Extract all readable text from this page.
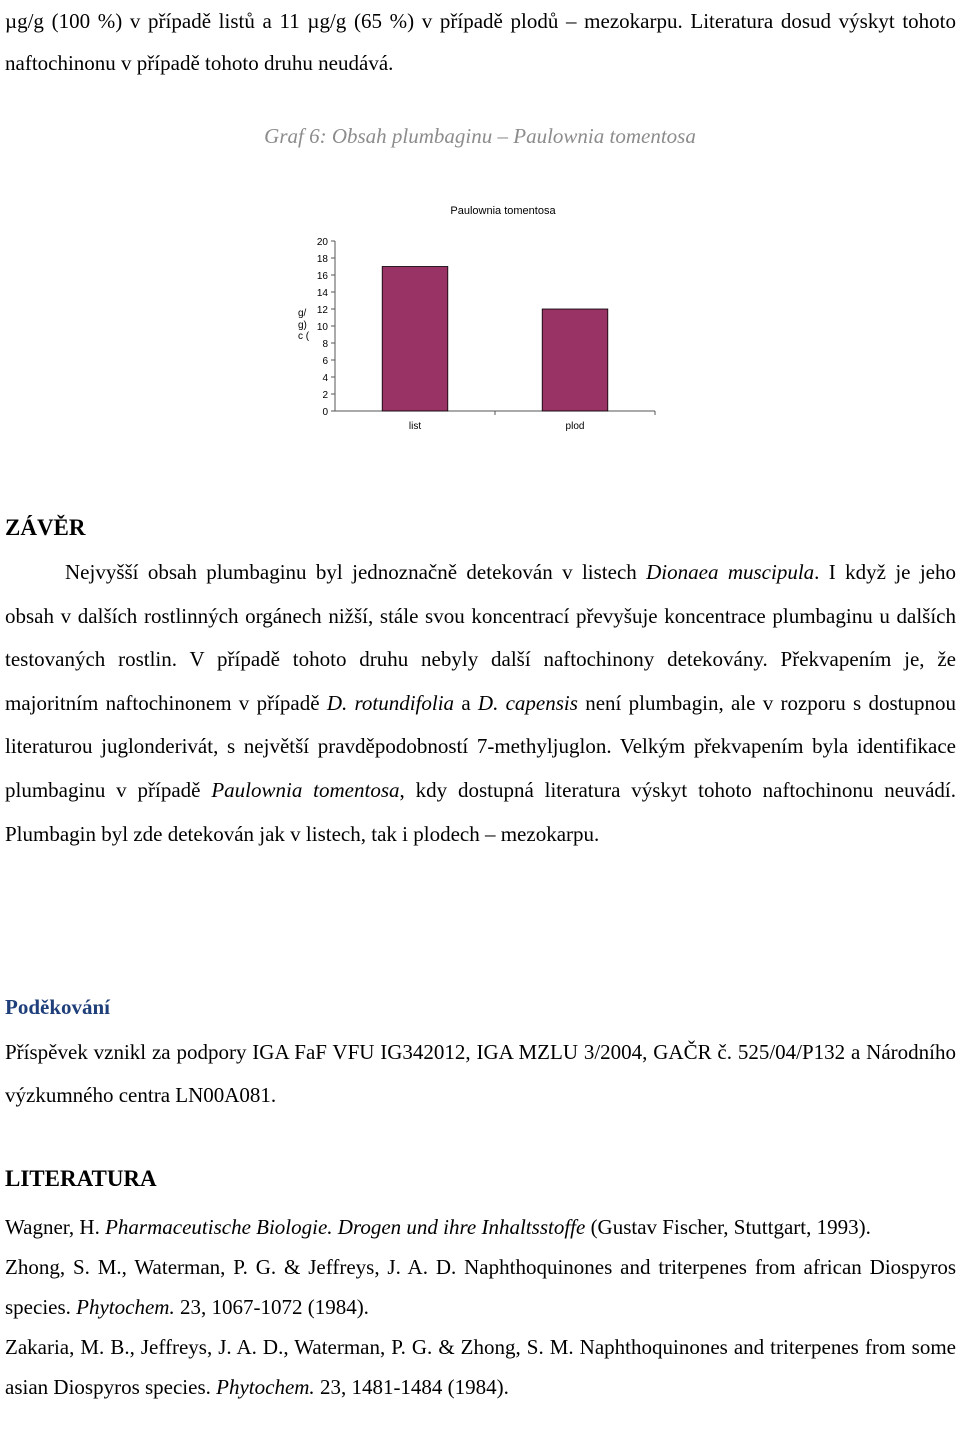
µg/g (100 %) v případě listů a 11 µg/g (65 %) v případě plodů – mezokarpu. Literatura dosud výskyt tohoto naftochinonu v případě tohoto druhu neudává.

Graf 6: Obsah plumbaginu – Paulownia tomentosa
Paulownia tomentosa
0
2
4
6
8
10
12
14
16
18
20
g/
g)
c (
list	plod
ZÁVĚR

Nejvyšší obsah plumbaginu byl jednoznačně detekován v listech Dionaea muscipula. I když je jeho obsah v dalších rostlinných orgánech nižší, stále svou koncentrací převyšuje koncentrace plumbaginu u dalších testovaných rostlin. V případě tohoto druhu nebyly další naftochinony detekovány. Překvapením je, že majoritním naftochinonem v případě D. rotundifolia a D. capensis není plumbagin, ale v rozporu s dostupnou literaturou juglonderivát, s největší pravděpodobností 7-methyljuglon. Velkým překvapením byla identifikace plumbaginu v případě Paulownia tomentosa, kdy dostupná literatura výskyt tohoto naftochinonu neuvádí. Plumbagin byl zde detekován jak v listech, tak i plodech – mezokarpu.

Poděkování

Příspěvek vznikl za podpory IGA FaF VFU IG342012, IGA MZLU 3/2004, GAČR č. 525/04/P132 a Národního výzkumného centra LN00A081.

LITERATURA

Wagner, H. Pharmaceutische Biologie. Drogen und ihre Inhaltsstoffe (Gustav Fischer, Stuttgart, 1993).

Zhong, S. M., Waterman, P. G. & Jeffreys, J. A. D. Naphthoquinones and triterpenes from african Diospyros species. Phytochem. 23, 1067-1072 (1984).

Zakaria, M. B., Jeffreys, J. A. D., Waterman, P. G. & Zhong, S. M. Naphthoquinones and triterpenes from some asian Diospyros species. Phytochem. 23, 1481-1484 (1984).
